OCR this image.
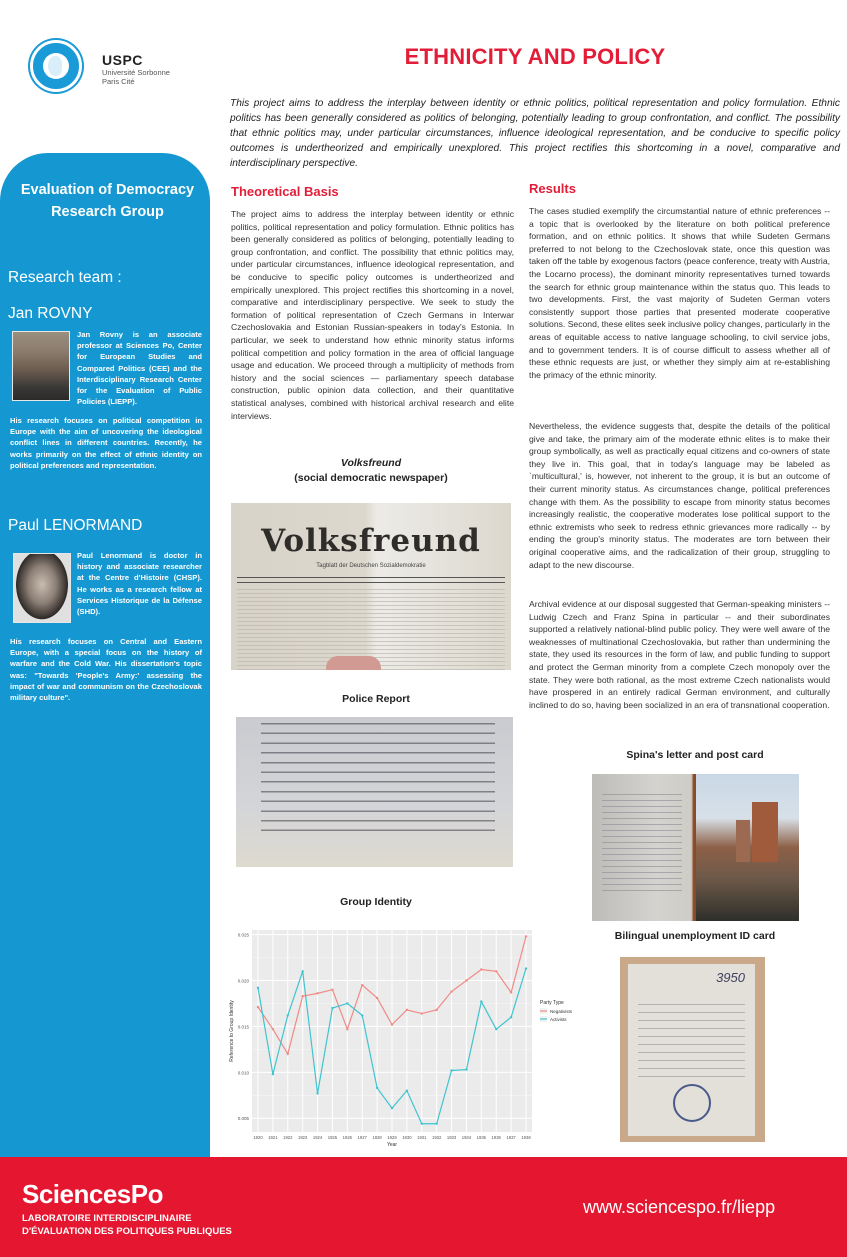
USPC
Université Sorbonne
Paris Cité
ETHNICITY AND POLICY
This project aims to address the interplay between identity or ethnic politics, political representation and policy formulation. Ethnic politics has been generally considered as politics of belonging, potentially leading to group confrontation, and conflict. The possibility that ethnic politics may, under particular circumstances, influence ideological representation, and be conducive to specific policy outcomes is undertheorized and empirically unexplored. This project rectifies this shortcoming in a novel, comparative and interdisciplinary perspective.
Evaluation of Democracy Research Group
Research team :
Jan ROVNY
Jan Rovny is an associate professor at Sciences Po, Center for European Studies and Compared Politics (CEE) and the Interdisciplinary Research Center for the Evaluation of Public Policies (LIEPP).
His research focuses on political competition in Europe with the aim of uncovering the ideological conflict lines in different countries. Recently, he works primarily on the effect of ethnic identity on political preferences and representation.
Paul LENORMAND
Paul Lenormand is doctor in history and associate researcher at the Centre d'Histoire (CHSP). He works as a research fellow at Services Historique de la Défense (SHD).
His research focuses on Central and Eastern Europe, with a special focus on the history of warfare and the Cold War. His dissertation's topic was: "Towards 'People's Army:' assessing the impact of war and communism on the Czechoslovak military culture".
Theoretical Basis
The project aims to address the interplay between identity or ethnic politics, political representation and policy formulation. Ethnic politics has been generally considered as politics of belonging, potentially leading to group confrontation, and conflict. The possibility that ethnic politics may, under particular circumstances, influence ideological representation, and be conducive to specific policy outcomes is undertheorized and empirically unexplored. This project rectifies this shortcoming in a novel, comparative and interdisciplinary perspective. We seek to study the formation of political representation of Czech Germans in Interwar Czechoslovakia and Estonian Russian-speakers in today's Estonia. In particular, we seek to understand how ethnic minority status informs political competition and policy formation in the area of official language usage and education. We proceed through a multiplicity of methods from history and the social sciences — parliamentary speech database construction, public opinion data collection, and their quantitative statistical analyses, combined with historical archival research and elite interviews.
Results
The cases studied exemplify the circumstantial nature of ethnic preferences -- a topic that is overlooked by the literature on both political preference formation, and on ethnic politics. It shows that while Sudeten Germans preferred to not belong to the Czechoslovak state, once this question was taken off the table by exogenous factors (peace conference, treaty with Austria, the Locarno process), the dominant minority representatives turned towards the search for ethnic group maintenance within the status quo. This leads to two developments. First, the vast majority of Sudeten German voters consistently support those parties that presented moderate cooperative solutions. Second, these elites seek inclusive policy changes, particularly in the areas of equitable access to native language schooling, to civil service jobs, and to government tenders. It is of course difficult to assess whether all of these ethnic requests are just, or whether they simply aim at re-establishing the primacy of the ethnic minority.
Nevertheless, the evidence suggests that, despite the details of the political give and take, the primary aim of the moderate ethnic elites is to make their group symbolically, as well as practically equal citizens and co-owners of state they live in. This goal, that in today's language may be labeled as `multicultural,' is, however, not inherent to the group, it is but an outcome of their current minority status. As circumstances change, political preferences change with them. As the possibility to escape from minority status becomes increasingly realistic, the cooperative moderates lose political support to the ethnic extremists who seek to redress ethnic grievances more radically -- by ending the group's minority status. The moderates are torn between their original cooperative aims, and the radicalization of their group, struggling to adapt to the new discourse.
Archival evidence at our disposal suggested that German-speaking ministers -- Ludwig Czech and Franz Spina in particular -- and their subordinates supported a relatively national-blind public policy. They were well aware of the weaknesses of multinational Czechoslovakia, but rather than undermining the state, they used its resources in the form of law, and public funding to support and protect the German minority from a complete Czech monopoly over the state. They were both rational, as the most extreme Czech nationalists would have prospered in an entirely radical German environment, and culturally inclined to do so, having been socialized in an era of transnational cooperation.
Volksfreund
(social democratic newspaper)
Volksfreund
Tagblatt der Deutschen Sozialdemokratie
Police Report
Group Identity
0.005
0.010
0.015
0.020
0.025
1920 1921 1922 1923 1924 1925 1926 1927 1928 1929 1930 1931 1932 1933 1934 1935 1936 1937 1938
Year
Reference to Group Identity	Party Type
Negativists
Activists
Spina's letter and post card
Bilingual unemployment ID card
3950
SciencesPo
LABORATOIRE INTERDISCIPLINAIRE
D'ÉVALUATION DES POLITIQUES PUBLIQUES
www.sciencespo.fr/liepp
